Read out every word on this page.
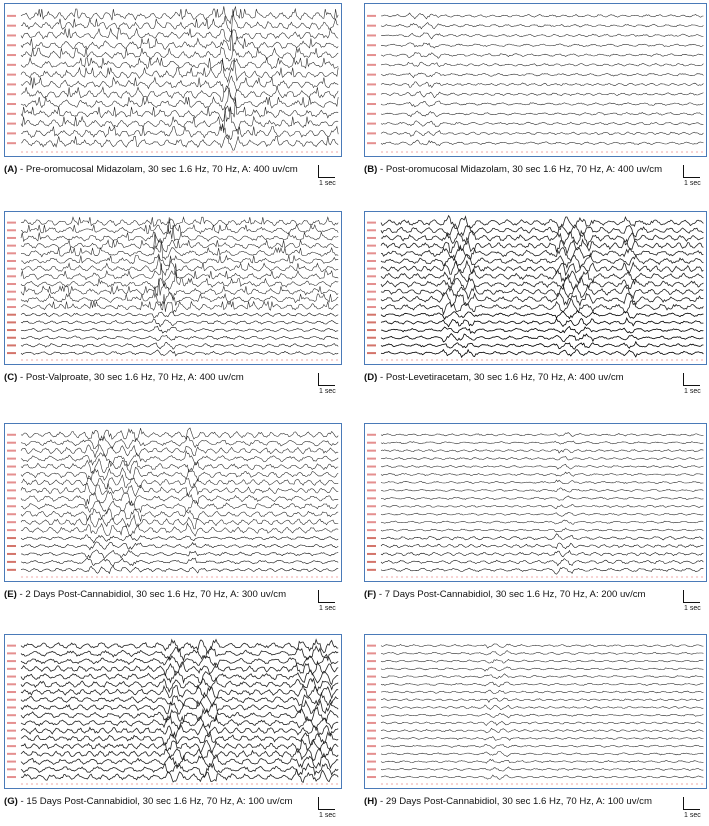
(A) - Pre-oromucosal Midazolam, 30 sec 1.6 Hz, 70 Hz, A: 400 uv/cm
1 sec
(B) - Post-oromucosal Midazolam, 30 sec 1.6 Hz, 70 Hz, A: 400 uv/cm
1 sec
(C) - Post-Valproate, 30 sec 1.6 Hz, 70 Hz, A: 400 uv/cm
1 sec
(D) - Post-Levetiracetam, 30 sec 1.6 Hz, 70 Hz, A: 400 uv/cm
1 sec
(E) - 2 Days Post-Cannabidiol, 30 sec 1.6 Hz, 70 Hz, A: 300 uv/cm
1 sec
(F) - 7 Days Post-Cannabidiol, 30 sec 1.6 Hz, 70 Hz, A: 200 uv/cm
1 sec
(G) - 15 Days Post-Cannabidiol, 30 sec 1.6 Hz, 70 Hz, A: 100 uv/cm
1 sec
(H) - 29 Days Post-Cannabidiol, 30 sec 1.6 Hz, 70 Hz, A: 100 uv/cm
1 sec
